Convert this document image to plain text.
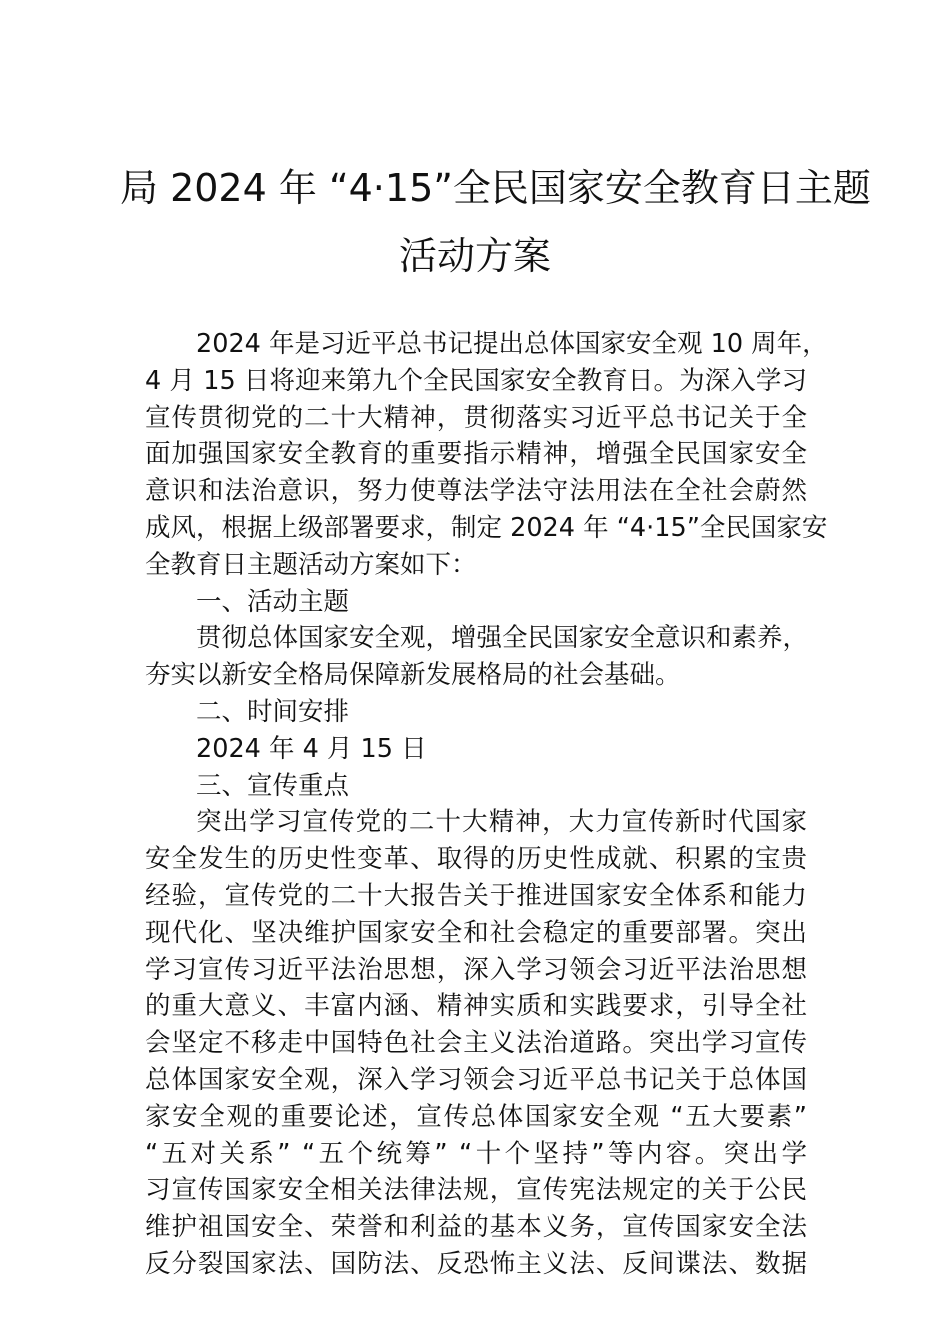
局 2024 年 “4·15”全民国家安全教育日主题
活动方案
2024 年是习近平总书记提出总体国家安全观 10 周年，
4 月 15 日将迎来第九个全民国家安全教育日。为深入学习
宣传贯彻党的二十大精神，贯彻落实习近平总书记关于全
面加强国家安全教育的重要指示精神，增强全民国家安全
意识和法治意识，努力使尊法学法守法用法在全社会蔚然
成风，根据上级部署要求，制定 2024 年 “4·15”全民国家安
全教育日主题活动方案如下：
一、活动主题
贯彻总体国家安全观，增强全民国家安全意识和素养，
夯实以新安全格局保障新发展格局的社会基础。
二、时间安排
2024 年 4 月 15 日
三、宣传重点
突出学习宣传党的二十大精神，大力宣传新时代国家
安全发生的历史性变革、取得的历史性成就、积累的宝贵
经验，宣传党的二十大报告关于推进国家安全体系和能力
现代化、坚决维护国家安全和社会稳定的重要部署。突出
学习宣传习近平法治思想，深入学习领会习近平法治思想
的重大意义、丰富内涵、精神实质和实践要求，引导全社
会坚定不移走中国特色社会主义法治道路。突出学习宣传
总体国家安全观，深入学习领会习近平总书记关于总体国
家安全观的重要论述，宣传总体国家安全观 “五大要素”
“五对关系” “五个统筹” “十个坚持”等内容。突出学
习宣传国家安全相关法律法规，宣传宪法规定的关于公民
维护祖国安全、荣誉和利益的基本义务，宣传国家安全法
反分裂国家法、国防法、反恐怖主义法、反间谍法、数据
